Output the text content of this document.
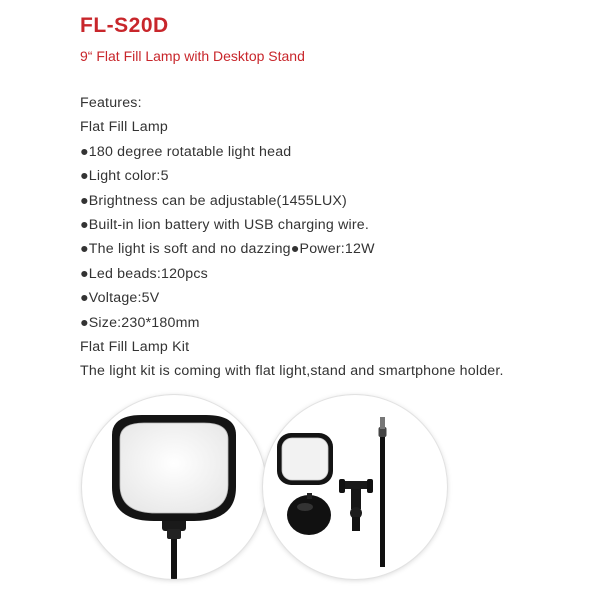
FL-S20D
9“ Flat Fill Lamp with Desktop Stand
Features:
Flat Fill Lamp
●180 degree rotatable light head
●Light color:5
●Brightness can be adjustable(1455LUX)
●Built-in lion battery with USB charging wire.
●The light is soft and no dazzing●Power:12W
●Led beads:120pcs
●Voltage:5V
●Size:230*180mm
Flat Fill Lamp Kit
The light kit is coming with flat light,stand and smartphone holder.
